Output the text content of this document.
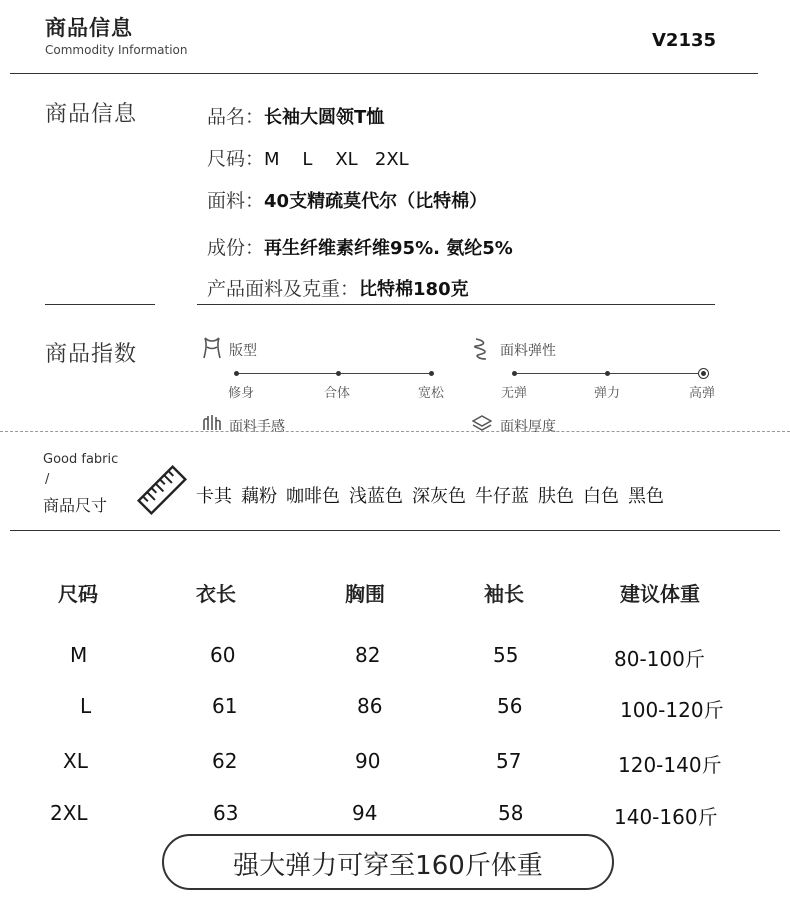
商品信息
Commodity Information	V2135
商品信息	品名：长袖大圆领T恤
尺码：M    L    XL   2XL
面料：40支精疏莫代尔（比特棉）
成份：再生纤维素纤维95%. 氨纶5%
产品面料及克重：比特棉180克
商品指数	版型
修身	合体	宽松
面料弹性
无弹	弹力	高弹
面料手感	面料厚度
Good fabric
/
商品尺寸	卡其 藕粉 咖啡色 浅蓝色 深灰色 牛仔蓝 肤色 白色 黑色
尺码	衣长	胸围	袖长	建议体重
M	60	82	55	80-100斤
L	61	86	56	100-120斤
XL	62	90	57	120-140斤
2XL	63	94	58	140-160斤
强大弹力可穿至160斤体重
